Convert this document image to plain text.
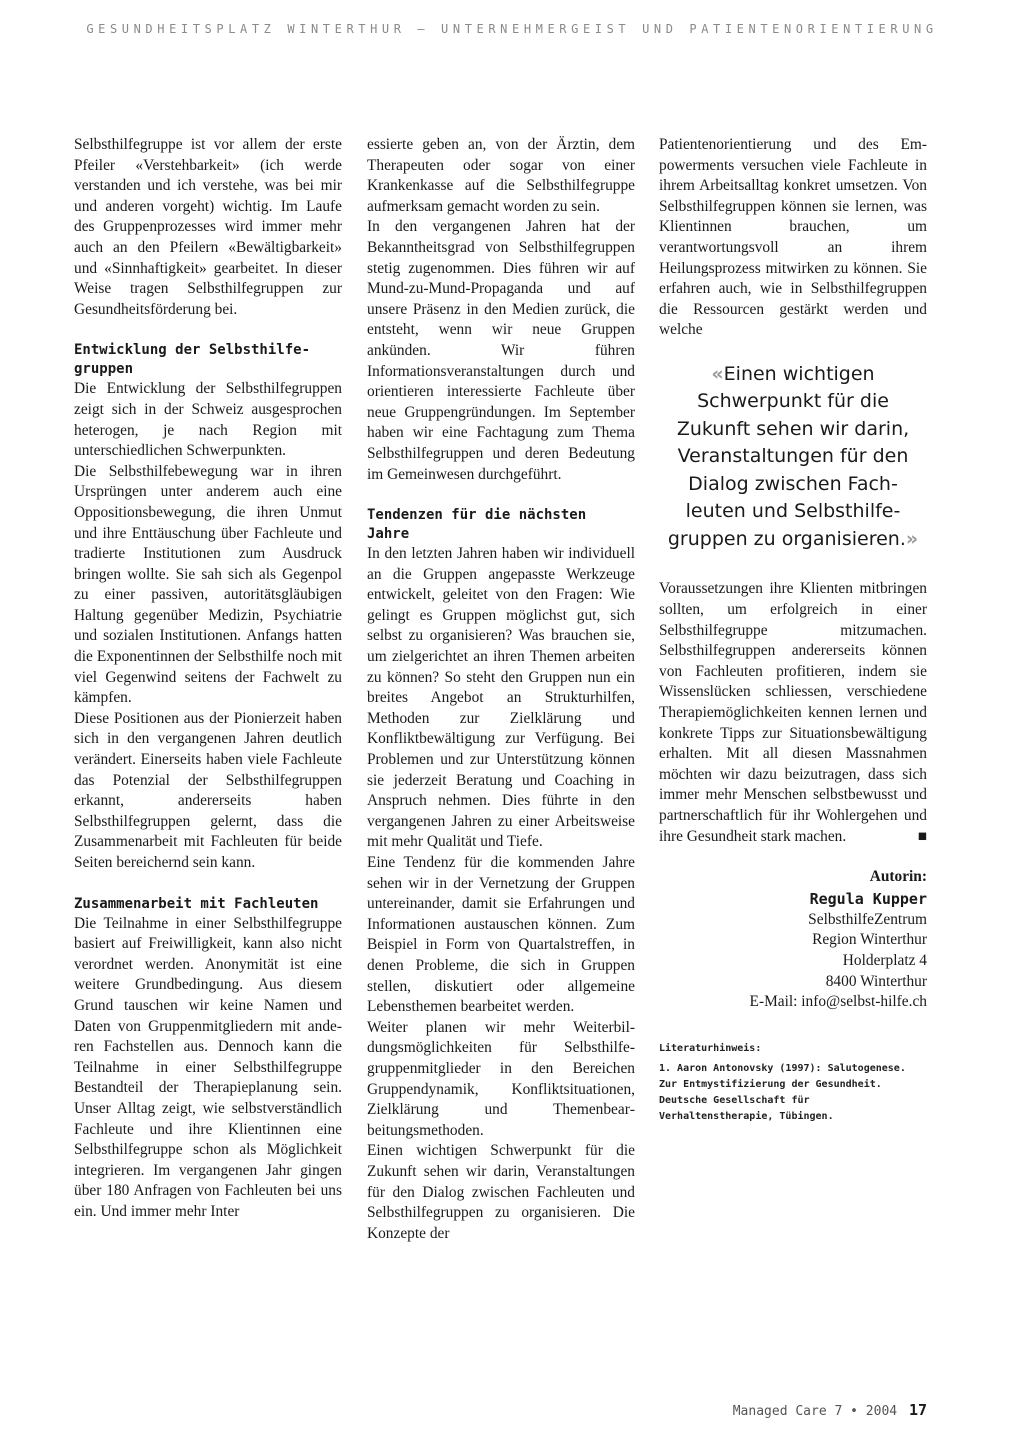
GESUNDHEITSPLATZ WINTERTHUR – UNTERNEHMERGEIST UND PATIENTENORIENTIERUNG

Selbsthilfegruppe ist vor allem der erste Pfeiler «Verstehbarkeit» (ich werde verstanden und ich verstehe, was bei mir und anderen vorgeht) wichtig. Im Laufe des Gruppenprozesses wird immer mehr auch an den Pfeilern «Bewältigbarkeit» und «Sinnhaftigkeit» gearbeitet. In dieser Weise tragen Selbsthilfegruppen zur Gesundheitsförderung bei.

Entwicklung der Selbsthilfegruppen

Die Entwicklung der Selbsthilfegruppen zeigt sich in der Schweiz ausgesprochen heterogen, je nach Region mit unterschiedlichen Schwerpunkten.

Die Selbsthilfebewegung war in ihren Ursprüngen unter anderem auch eine Oppositionsbewegung, die ihren Unmut und ihre Enttäuschung über Fachleute und tradierte Institutionen zum Ausdruck bringen wollte. Sie sah sich als Gegenpol zu einer passiven, autoritätsgläubigen Haltung gegenüber Medizin, Psychiatrie und sozialen Institutionen. Anfangs hatten die Exponentinnen der Selbsthilfe noch mit viel Gegenwind seitens der Fachwelt zu kämpfen.

Diese Positionen aus der Pionierzeit haben sich in den vergangenen Jahren deutlich verändert. Einerseits haben viele Fachleute das Potenzial der Selbsthilfegruppen erkannt, andererseits haben Selbsthilfegruppen gelernt, dass die Zusammenarbeit mit Fachleuten für beide Seiten bereichernd sein kann.

Zusammenarbeit mit Fachleuten

Die Teilnahme in einer Selbsthilfegruppe basiert auf Freiwilligkeit, kann also nicht verordnet werden. Anonymität ist eine weitere Grundbedingung. Aus diesem Grund tauschen wir keine Namen und Daten von Gruppenmitgliedern mit anderen Fachstellen aus. Dennoch kann die Teilnahme in einer Selbsthilfegruppe Bestandteil der Therapieplanung sein. Unser Alltag zeigt, wie selbstverständlich Fachleute und ihre Klientinnen eine Selbsthilfegruppe schon als Möglichkeit integrieren. Im vergangenen Jahr gingen über 180 Anfragen von Fachleuten bei uns ein. Und immer mehr Inter

essierte geben an, von der Ärztin, dem Therapeuten oder sogar von einer Krankenkasse auf die Selbsthilfegruppe aufmerksam gemacht worden zu sein.

In den vergangenen Jahren hat der Bekanntheitsgrad von Selbsthilfegruppen stetig zugenommen. Dies führen wir auf Mund-zu-Mund-Propaganda und auf unsere Präsenz in den Medien zurück, die entsteht, wenn wir neue Gruppen ankünden. Wir führen Informationsveranstaltungen durch und orientieren interessierte Fachleute über neue Gruppengründungen. Im September haben wir eine Fachtagung zum Thema Selbsthilfegruppen und deren Bedeutung im Gemeinwesen durchgeführt.

Tendenzen für die nächsten Jahre

In den letzten Jahren haben wir individuell an die Gruppen angepasste Werkzeuge entwickelt, geleitet von den Fragen: Wie gelingt es Gruppen möglichst gut, sich selbst zu organisieren? Was brauchen sie, um zielgerichtet an ihren Themen arbeiten zu können? So steht den Gruppen nun ein breites Angebot an Strukturhilfen, Methoden zur Zielklärung und Konfliktbewältigung zur Verfügung. Bei Problemen und zur Unterstützung können sie jederzeit Beratung und Coaching in Anspruch nehmen. Dies führte in den vergangenen Jahren zu einer Arbeitsweise mit mehr Qualität und Tiefe.

Eine Tendenz für die kommenden Jahre sehen wir in der Vernetzung der Gruppen untereinander, damit sie Erfahrungen und Informationen austauschen können. Zum Beispiel in Form von Quartalstreffen, in denen Probleme, die sich in Gruppen stellen, diskutiert oder allgemeine Lebensthemen bearbeitet werden.

Weiter planen wir mehr Weiterbildungsmöglichkeiten für Selbsthilfegruppenmitglieder in den Bereichen Gruppendynamik, Konfliktsituationen, Zielklärung und Themenbearbeitungsmethoden.

Einen wichtigen Schwerpunkt für die Zukunft sehen wir darin, Veranstaltungen für den Dialog zwischen Fachleuten und Selbsthilfegruppen zu organisieren. Die Konzepte der

Patientenorientierung und des Empowerments versuchen viele Fachleute in ihrem Arbeitsalltag konkret umsetzen. Von Selbsthilfegruppen können sie lernen, was Klientinnen brauchen, um verantwortungsvoll an ihrem Heilungsprozess mitwirken zu können. Sie erfahren auch, wie in Selbsthilfegruppen die Ressourcen gestärkt werden und welche

«Einen wichtigen
Schwerpunkt für die
Zukunft sehen wir darin,
Veranstaltungen für den
Dialog zwischen Fach-
leuten und Selbsthilfe-
gruppen zu organisieren.»

Voraussetzungen ihre Klienten mitbringen sollten, um erfolgreich in einer Selbsthilfegruppe mitzumachen. Selbsthilfegruppen andererseits können von Fachleuten profitieren, indem sie Wissenslücken schliessen, verschiedene Therapiemöglichkeiten kennen lernen und konkrete Tipps zur Situationsbewältigung erhalten. Mit all diesen Massnahmen möchten wir dazu beizutragen, dass sich immer mehr Menschen selbstbewusst und partnerschaftlich für ihr Wohlergehen und ihre Gesundheit stark machen.	■

Autorin:
Regula Kupper
SelbsthilfeZentrum
Region Winterthur
Holderplatz 4
8400 Winterthur
E-Mail: info@selbst-hilfe.ch
Literaturhinweis:
1. Aaron Antonovsky (1997): Salutogenese. Zur Entmystifizierung der Gesundheit. Deutsche Gesellschaft für Verhaltenstherapie, Tübingen.
Managed Care 7 • 2004 17
